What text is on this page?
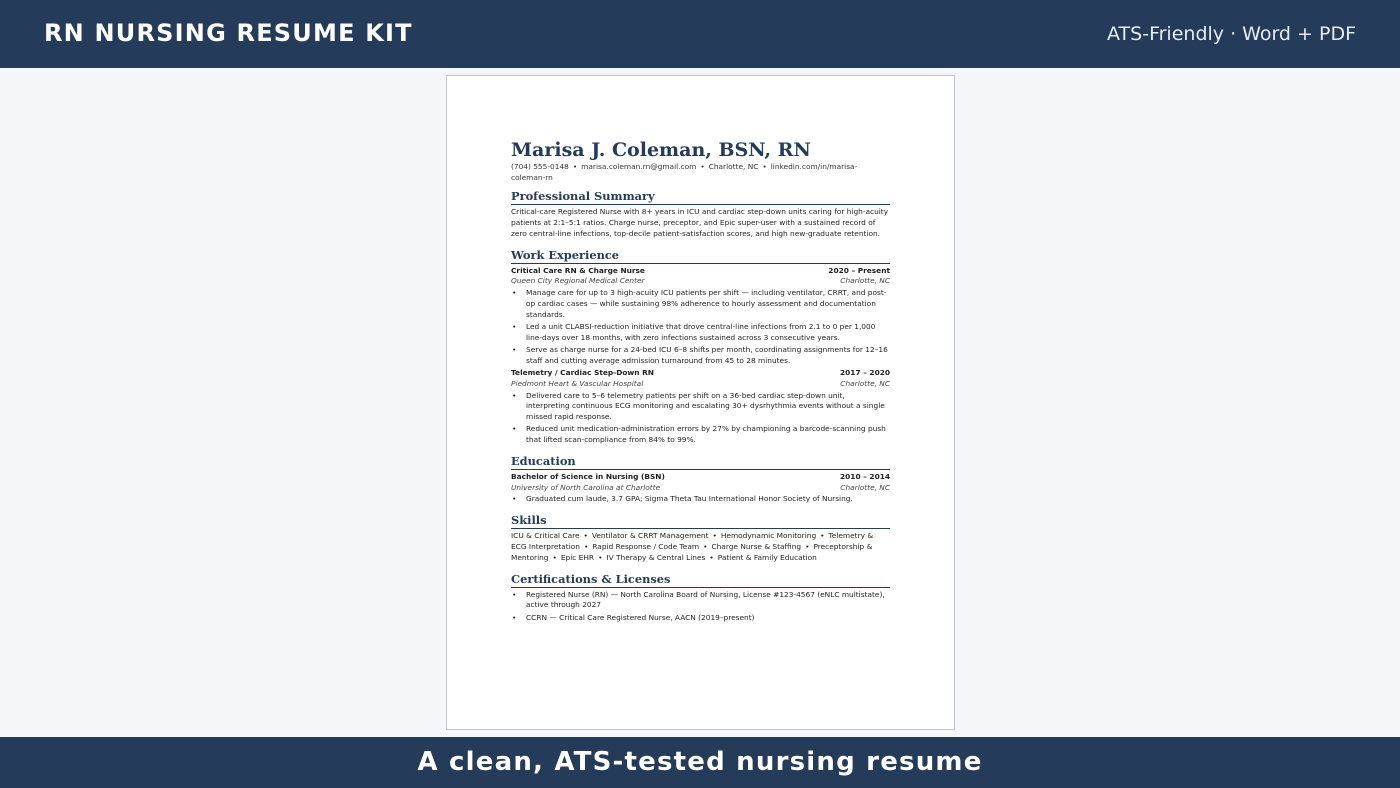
RN NURSING RESUME KIT	ATS-Friendly · Word + PDF
Marisa J. Coleman, BSN, RN
(704) 555-0148 • marisa.coleman.rn@gmail.com • Charlotte, NC • linkedin.com/in/marisa-coleman-rn
Professional Summary
Critical-care Registered Nurse with 8+ years in ICU and cardiac step-down units caring for high-acuity patients at 2:1–5:1 ratios. Charge nurse, preceptor, and Epic super-user with a sustained record of zero central-line infections, top-decile patient-satisfaction scores, and high new-graduate retention.
Work Experience
Critical Care RN & Charge Nurse	2020 – Present
Queen City Regional Medical Center	Charlotte, NC
• Manage care for up to 3 high-acuity ICU patients per shift — including ventilator, CRRT, and post-op cardiac cases — while sustaining 98% adherence to hourly assessment and documentation standards.
• Led a unit CLABSI-reduction initiative that drove central-line infections from 2.1 to 0 per 1,000 line-days over 18 months, with zero infections sustained across 3 consecutive years.
• Serve as charge nurse for a 24-bed ICU 6–8 shifts per month, coordinating assignments for 12–16 staff and cutting average admission turnaround from 45 to 28 minutes.
Telemetry / Cardiac Step-Down RN	2017 – 2020
Piedmont Heart & Vascular Hospital	Charlotte, NC
• Delivered care to 5–6 telemetry patients per shift on a 36-bed cardiac step-down unit, interpreting continuous ECG monitoring and escalating 30+ dysrhythmia events without a single missed rapid response.
• Reduced unit medication-administration errors by 27% by championing a barcode-scanning push that lifted scan-compliance from 84% to 99%.
Education
Bachelor of Science in Nursing (BSN)	2010 – 2014
University of North Carolina at Charlotte	Charlotte, NC
• Graduated cum laude, 3.7 GPA; Sigma Theta Tau International Honor Society of Nursing.
Skills
ICU & Critical Care • Ventilator & CRRT Management • Hemodynamic Monitoring • Telemetry & ECG Interpretation • Rapid Response / Code Team • Charge Nurse & Staffing • Preceptorship & Mentoring • Epic EHR • IV Therapy & Central Lines • Patient & Family Education
Certifications & Licenses
• Registered Nurse (RN) — North Carolina Board of Nursing, License #123-4567 (eNLC multistate), active through 2027
• CCRN — Critical Care Registered Nurse, AACN (2019–present)
A clean, ATS-tested nursing resume
